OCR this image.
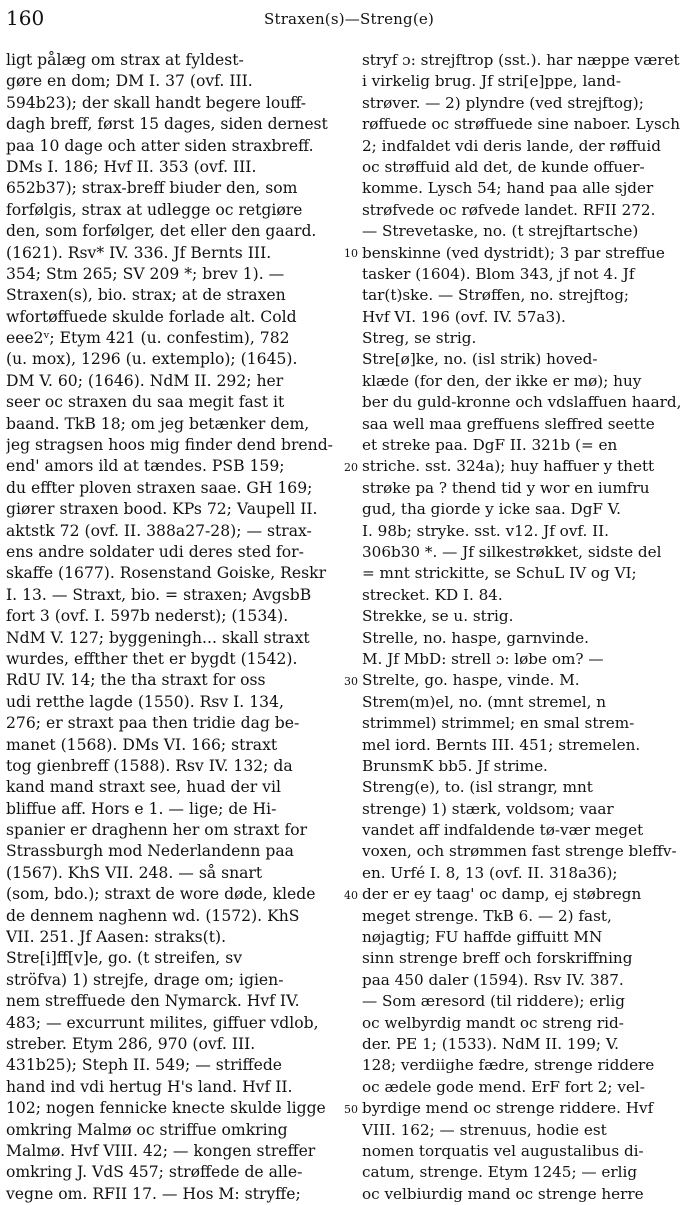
160	Straxen(s)—Streng(e)
ligt pålæg om strax at fyldest-
gøre en dom; DM I. 37 (ovf. III.
594b23); der skall handt begere louff-
dagh breff, først 15 dages, siden dernest
paa 10 dage och atter siden straxbreff.
DMs I. 186; Hvf II. 353 (ovf. III.
652b37); strax-breff biuder den, som
forfølgis, strax at udlegge oc retgiøre
den, som forfølger, det eller den gaard.
(1621). Rsv* IV. 336. Jf Bernts III.
354; Stm 265; SV 209 *; brev 1). —
Straxen(s), bio. strax; at de straxen
wfortøffuede skulde forlade alt. Cold
eee2ᵛ; Etym 421 (u. confestim), 782
(u. mox), 1296 (u. extemplo); (1645).
DM V. 60; (1646). NdM II. 292; her
seer oc straxen du saa megit fast it
baand. TkB 18; om jeg betænker dem,
jeg stragsen hoos mig finder dend brend-
end' amors ild at tændes. PSB 159;
du effter ploven straxen saae. GH 169;
giører straxen bood. KPs 72; Vaupell II.
aktstk 72 (ovf. II. 388a27-28); — strax-
ens andre soldater udi deres sted for-
skaffe (1677). Rosenstand Goiske, Reskr
I. 13. — Straxt, bio. = straxen; AvgsbB
fort 3 (ovf. I. 597b nederst); (1534).
NdM V. 127; byggeningh... skall straxt
wurdes, effther thet er bygdt (1542).
RdU IV. 14; the tha straxt for oss
udi retthe lagde (1550). Rsv I. 134,
276; er straxt paa then tridie dag be-
manet (1568). DMs VI. 166; straxt
tog gienbreff (1588). Rsv IV. 132; da
kand mand straxt see, huad der vil
bliffue aff. Hors e 1. — lige; de Hi-
spanier er draghenn her om straxt for
Strassburgh mod Nederlandenn paa
(1567). KhS VII. 248. — så snart
(som, bdo.); straxt de wore døde, klede
de dennem naghenn wd. (1572). KhS
VII. 251. Jf Aasen: straks(t).
Stre[i]ff[v]e, go. (t streifen, sv
ströfva) 1) strejfe, drage om; igien-
nem streffuede den Nymarck. Hvf IV.
483; — excurrunt milites, giffuer vdlob,
streber. Etym 286, 970 (ovf. III.
431b25); Steph II. 549; — striffede
hand ind vdi hertug H's land. Hvf II.
102; nogen fennicke knecte skulde ligge
omkring Malmø oc striffue omkring
Malmø. Hvf VIII. 42; — kongen streffer
omkring J. VdS 457; strøffede de alle-
vegne om. RFII 17. — Hos M: stryffe;
stryf ɔ: strejftrop (sst.). har næppe været
i virkelig brug. Jf stri[e]ppe, land-
strøver. — 2) plyndre (ved strejftog);
røffuede oc strøffuede sine naboer. Lysch
2; indfaldet vdi deris lande, der røffuid
oc strøffuid ald det, de kunde offuer-
komme. Lysch 54; hand paa alle sjder
strøfvede oc røfvede landet. RFII 272.
— Strevetaske, no. (t strejftartsche)
benskinne (ved dystridt); 3 par streffue
tasker (1604). Blom 343, jf not 4. Jf
tar(t)ske. — Strøffen, no. strejftog;
Hvf VI. 196 (ovf. IV. 57a3).
Streg, se strig.
Stre[ø]ke, no. (isl strik) hoved-
klæde (for den, der ikke er mø); huy
ber du guld-kronne och vdslaffuen haard,
saa well maa greffuens sleffred seette
et streke paa. DgF II. 321b (= en
striche. sst. 324a); huy haffuer y thett
strøke pa ? thend tid y wor en iumfru
gud, tha giorde y icke saa. DgF V.
I. 98b; stryke. sst. v12. Jf ovf. II.
306b30 *. — Jf silkestrøkket, sidste del
= mnt strickitte, se SchuL IV og VI;
strecket. KD I. 84.
Strekke, se u. strig.
Strelle, no. haspe, garnvinde.
M. Jf MbD: strell ɔ: løbe om? —
Strelte, go. haspe, vinde. M.
Strem(m)el, no. (mnt stremel, n
strimmel) strimmel; en smal strem-
mel iord. Bernts III. 451; stremelen.
BrunsmK bb5. Jf strime.
Streng(e), to. (isl strangr, mnt
strenge) 1) stærk, voldsom; vaar
vandet aff indfaldende tø-vær meget
voxen, och strømmen fast strenge bleffv-
en. Urfé I. 8, 13 (ovf. II. 318a36);
der er ey taag' oc damp, ej støbregn
meget strenge. TkB 6. — 2) fast,
nøjagtig; FU haffde giffuitt MN
sinn strenge breff och forskriffning
paa 450 daler (1594). Rsv IV. 387.
— Som æresord (til riddere); erlig
oc welbyrdig mandt oc streng rid-
der. PE 1; (1533). NdM II. 199; V.
128; verdiighe fædre, strenge riddere
oc ædele gode mend. ErF fort 2; vel-
byrdige mend oc strenge riddere. Hvf
VIII. 162; — strenuus, hodie est
nomen torquatis vel augustalibus di-
catum, strenge. Etym 1245; — erlig
oc velbiurdig mand oc strenge herre
10
20
30
40
50
